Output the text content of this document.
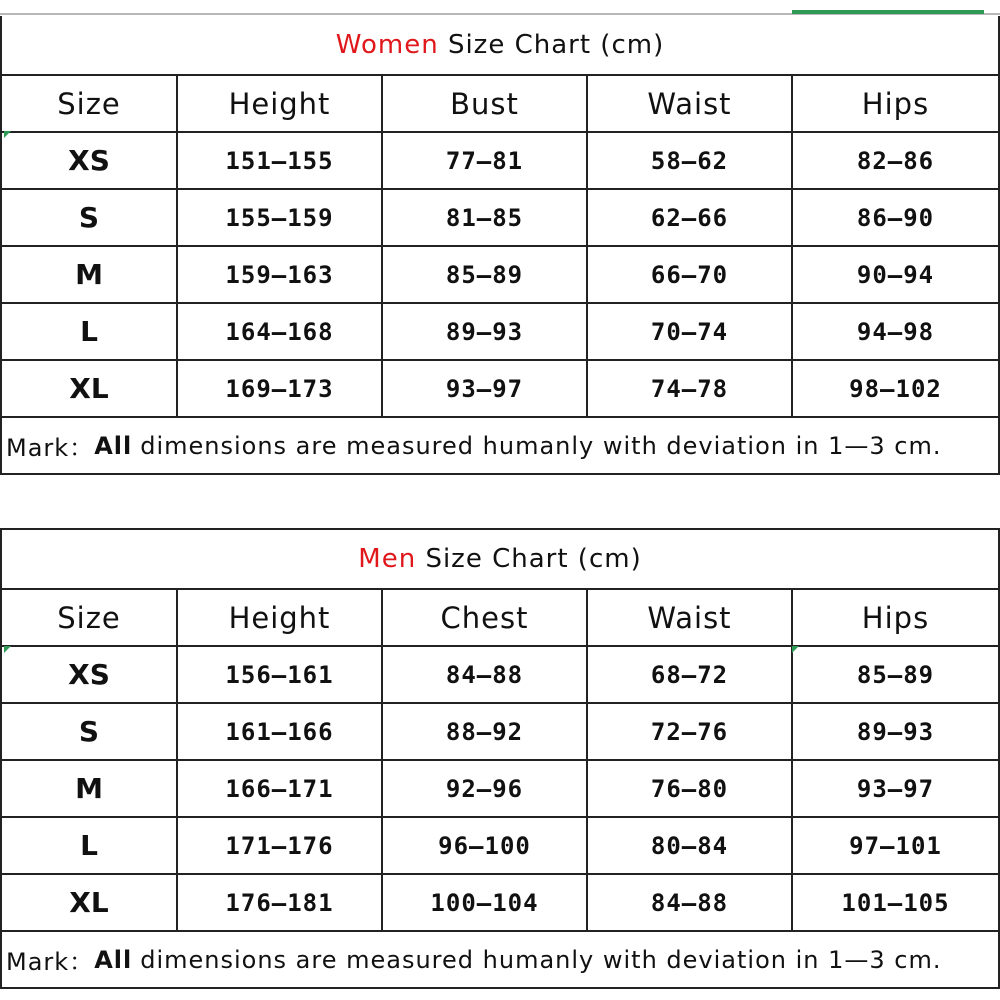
Women Size Chart (cm)
Size	Height	Bust	Waist	Hips
XS	151—155	77—81	58—62	82—86
S	155—159	81—85	62—66	86—90
M	159—163	85—89	66—70	90—94
L	164—168	89—93	70—74	94—98
XL	169—173	93—97	74—78	98—102
Mark： All dimensions are measured humanly with deviation in 1—3 cm.
Men Size Chart (cm)
Size	Height	Chest	Waist	Hips
XS	156—161	84—88	68—72	85—89
S	161—166	88—92	72—76	89—93
M	166—171	92—96	76—80	93—97
L	171—176	96—100	80—84	97—101
XL	176—181	100—104	84—88	101—105
Mark： All dimensions are measured humanly with deviation in 1—3 cm.
